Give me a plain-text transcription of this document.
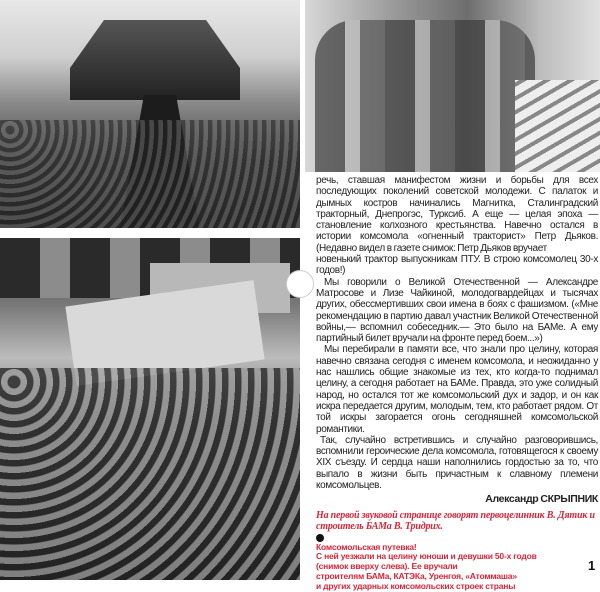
речь, ставшая манифестом жизни и борьбы для всех последующих поколений советской молодежи. С палаток и дымных костров начинались Магнитка, Сталинградский тракторный, Днепрогэс, Турксиб. А еще — целая эпоха — становление колхозного крестьянства. Навечно остался в истории комсомола «огненный тракторист» Петр Дьяков. (Недавно видел в газете снимок: Петр Дьяков вручает

новенький трактор выпускникам ПТУ. В строю комсомолец 30-х годов!)

Мы говорили о Великой Отечественной — Александре Матросове и Лизе Чайкиной, молодогвардейцах и тысячах других, обессмертивших свои имена в боях с фашизмом. («Мне рекомендацию в партию давал участник Великой Отечественной войны,— вспомнил собеседник.— Это было на БАМе. А ему партийный билет вручали на фронте перед боем...»)

Мы перебирали в памяти все, что знали про целину, которая навечно связана сегодня с именем комсомола, и неожиданно у нас нашлись общие знакомые из тех, кто когда-то поднимал целину, а сегодня работает на БАМе. Правда, это уже солидный народ, но остался тот же комсомольский дух и задор, и он как искра передается другим, молодым, тем, кто работает рядом. От той искры загорается огонь сегодняшней комсомольской романтики.

Так, случайно встретившись и случайно разговорившись, вспомнили героические дела комсомола, готовящегося к своему XIX съезду. И сердца наши наполнились гордостью за то, что выпало в жизни быть причастным к славному племени комсомольцев.

Александр СКРЫПНИК

На первой звуковой странице говорят первоцелинник В. Дятик и строитель БАМа В. Тридрих.

Комсомольская путевка!

С ней уезжали на целину юноши и девушки 50-х годов

(снимок вверху слева). Ее вручали

строителям БАМа, КАТЭКа, Уренгоя, «Атоммаша»

и других ударных комсомольских строек страны

1
